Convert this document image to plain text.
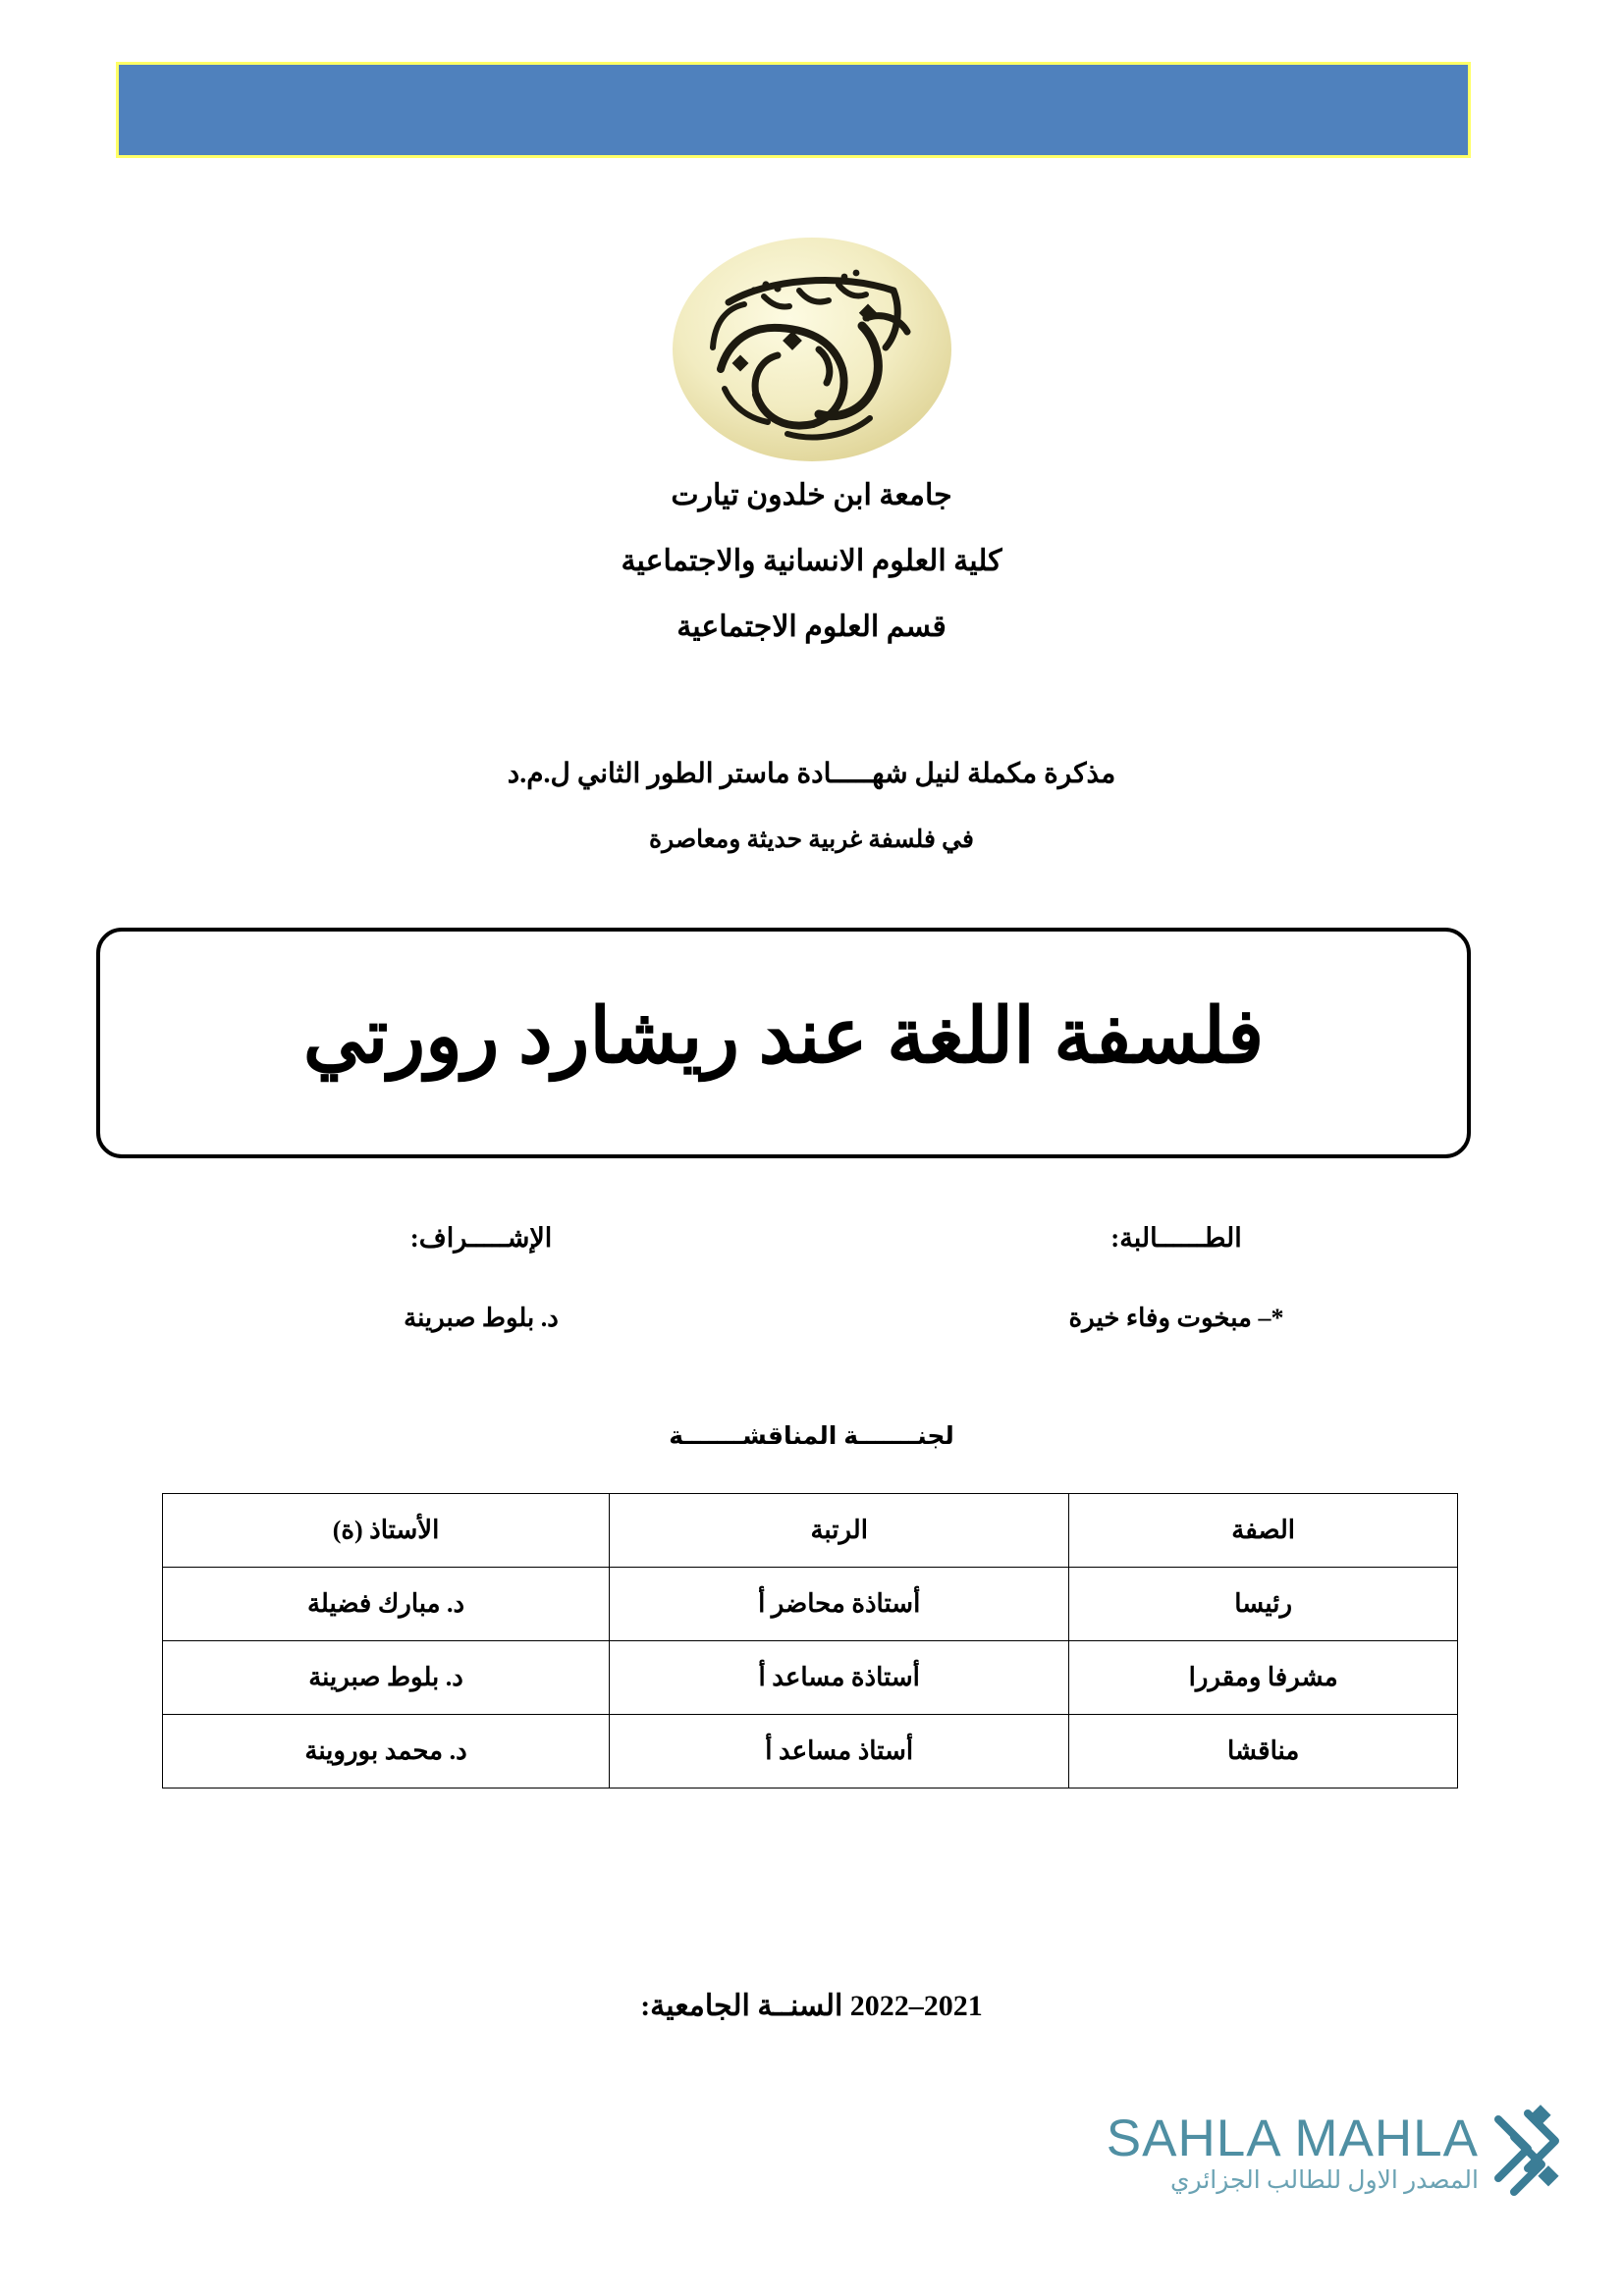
جامعة ابن خلدون تيارت
كلية العلوم الانسانية والاجتماعية
قسم العلوم الاجتماعية
مذكرة مكملة لنيل شهـــــادة ماستر الطور الثاني ل.م.د
في فلسفة غربية حديثة ومعاصرة
فلسفة اللغة عند ريشارد رورتي
الإشـــــراف:
د. بلوط صبرينة
الطــــــالبة:
*– مبخوت وفاء خيرة
لجنـــــــة المناقشـــــــة
الصفة	الرتبة	الأستاذ (ة)
رئيسا	أستاذة محاضر أ	د. مبارك فضيلة
مشرفا ومقررا	أستاذة مساعد أ	د. بلوط صبرينة
مناقشا	أستاذ مساعد أ	د. محمد بوروينة
2021–2022 السنــة الجامعية:
SAHLA MAHLA
المصدر الاول للطالب الجزائري
